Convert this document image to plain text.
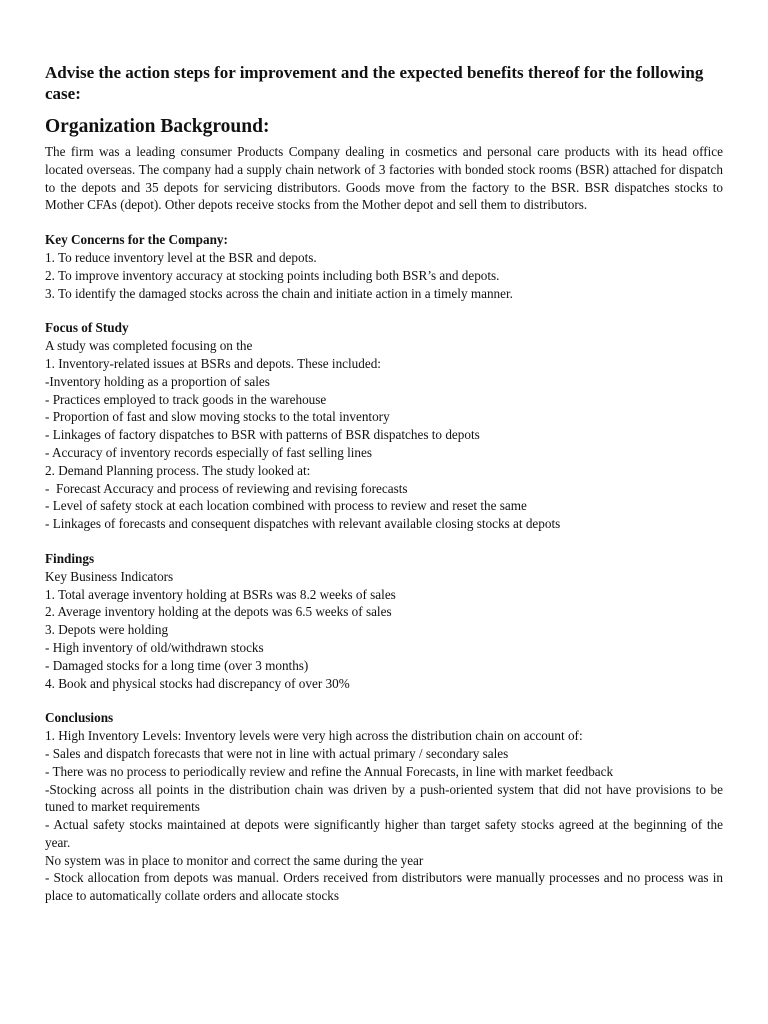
Advise the action steps for improvement and the expected benefits thereof for the following case:
Organization Background:

The firm was a leading consumer Products Company dealing in cosmetics and personal care products with its head office located overseas. The company had a supply chain network of 3 factories with bonded stock rooms (BSR) attached for dispatch to the depots and 35 depots for servicing distributors. Goods move from the factory to the BSR. BSR dispatches stocks to Mother CFAs (depot). Other depots receive stocks from the Mother depot and sell them to distributors.

Key Concerns for the Company:
1. To reduce inventory level at the BSR and depots.
2. To improve inventory accuracy at stocking points including both BSR’s and depots.
3. To identify the damaged stocks across the chain and initiate action in a timely manner.
Focus of Study
A study was completed focusing on the
1. Inventory-related issues at BSRs and depots. These included:
-Inventory holding as a proportion of sales
- Practices employed to track goods in the warehouse
- Proportion of fast and slow moving stocks to the total inventory
- Linkages of factory dispatches to BSR with patterns of BSR dispatches to depots
- Accuracy of inventory records especially of fast selling lines
2. Demand Planning process. The study looked at:
-  Forecast Accuracy and process of reviewing and revising forecasts
- Level of safety stock at each location combined with process to review and reset the same
- Linkages of forecasts and consequent dispatches with relevant available closing stocks at depots
Findings
Key Business Indicators
1. Total average inventory holding at BSRs was 8.2 weeks of sales
2. Average inventory holding at the depots was 6.5 weeks of sales
3. Depots were holding
- High inventory of old/withdrawn stocks
- Damaged stocks for a long time (over 3 months)
4. Book and physical stocks had discrepancy of over 30%
Conclusions
1. High Inventory Levels: Inventory levels were very high across the distribution chain on account of:
- Sales and dispatch forecasts that were not in line with actual primary / secondary sales
- There was no process to periodically review and refine the Annual Forecasts, in line with market feedback
-Stocking across all points in the distribution chain was driven by a push-oriented system that did not have provisions to be tuned to market requirements
- Actual safety stocks maintained at depots were significantly higher than target safety stocks agreed at the beginning of the year.
No system was in place to monitor and correct the same during the year
- Stock allocation from depots was manual. Orders received from distributors were manually processes and no process was in place to automatically collate orders and allocate stocks
